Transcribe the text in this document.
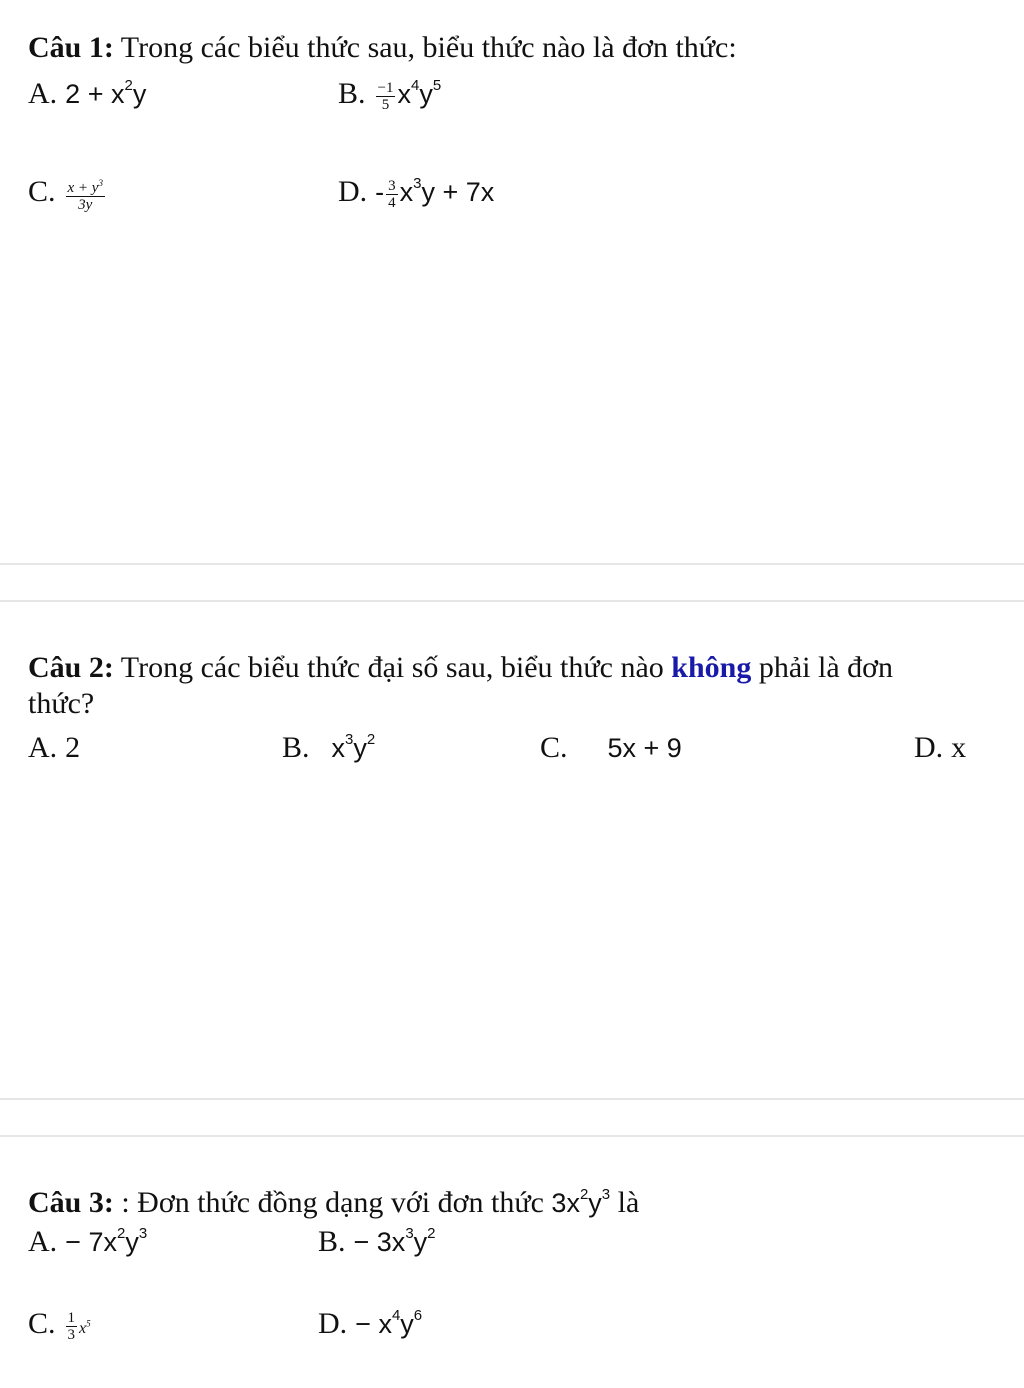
Câu 1: Trong các biểu thức sau, biểu thức nào là đơn thức:
A. $2 + x^2y$	B. $\frac{-1}{5} x^4y^5$
C. $\frac{x + y^3}{3y}$	D. - $\frac{3}{4} x^3y + 7x$
Câu 2: Trong các biểu thức đại số sau, biểu thức nào không phải là đơn
thức?
A. 2	B. $x^3y^2$	C. 5x + 9	D. x
Câu 3: : Đơn thức đồng dạng với đơn thức $3x^2y^3$ là
A. − $7x^2y^3$	B. − $3x^3y^2$
C. $\frac{1}{3} x^5$	D. − $x^4y^6$
